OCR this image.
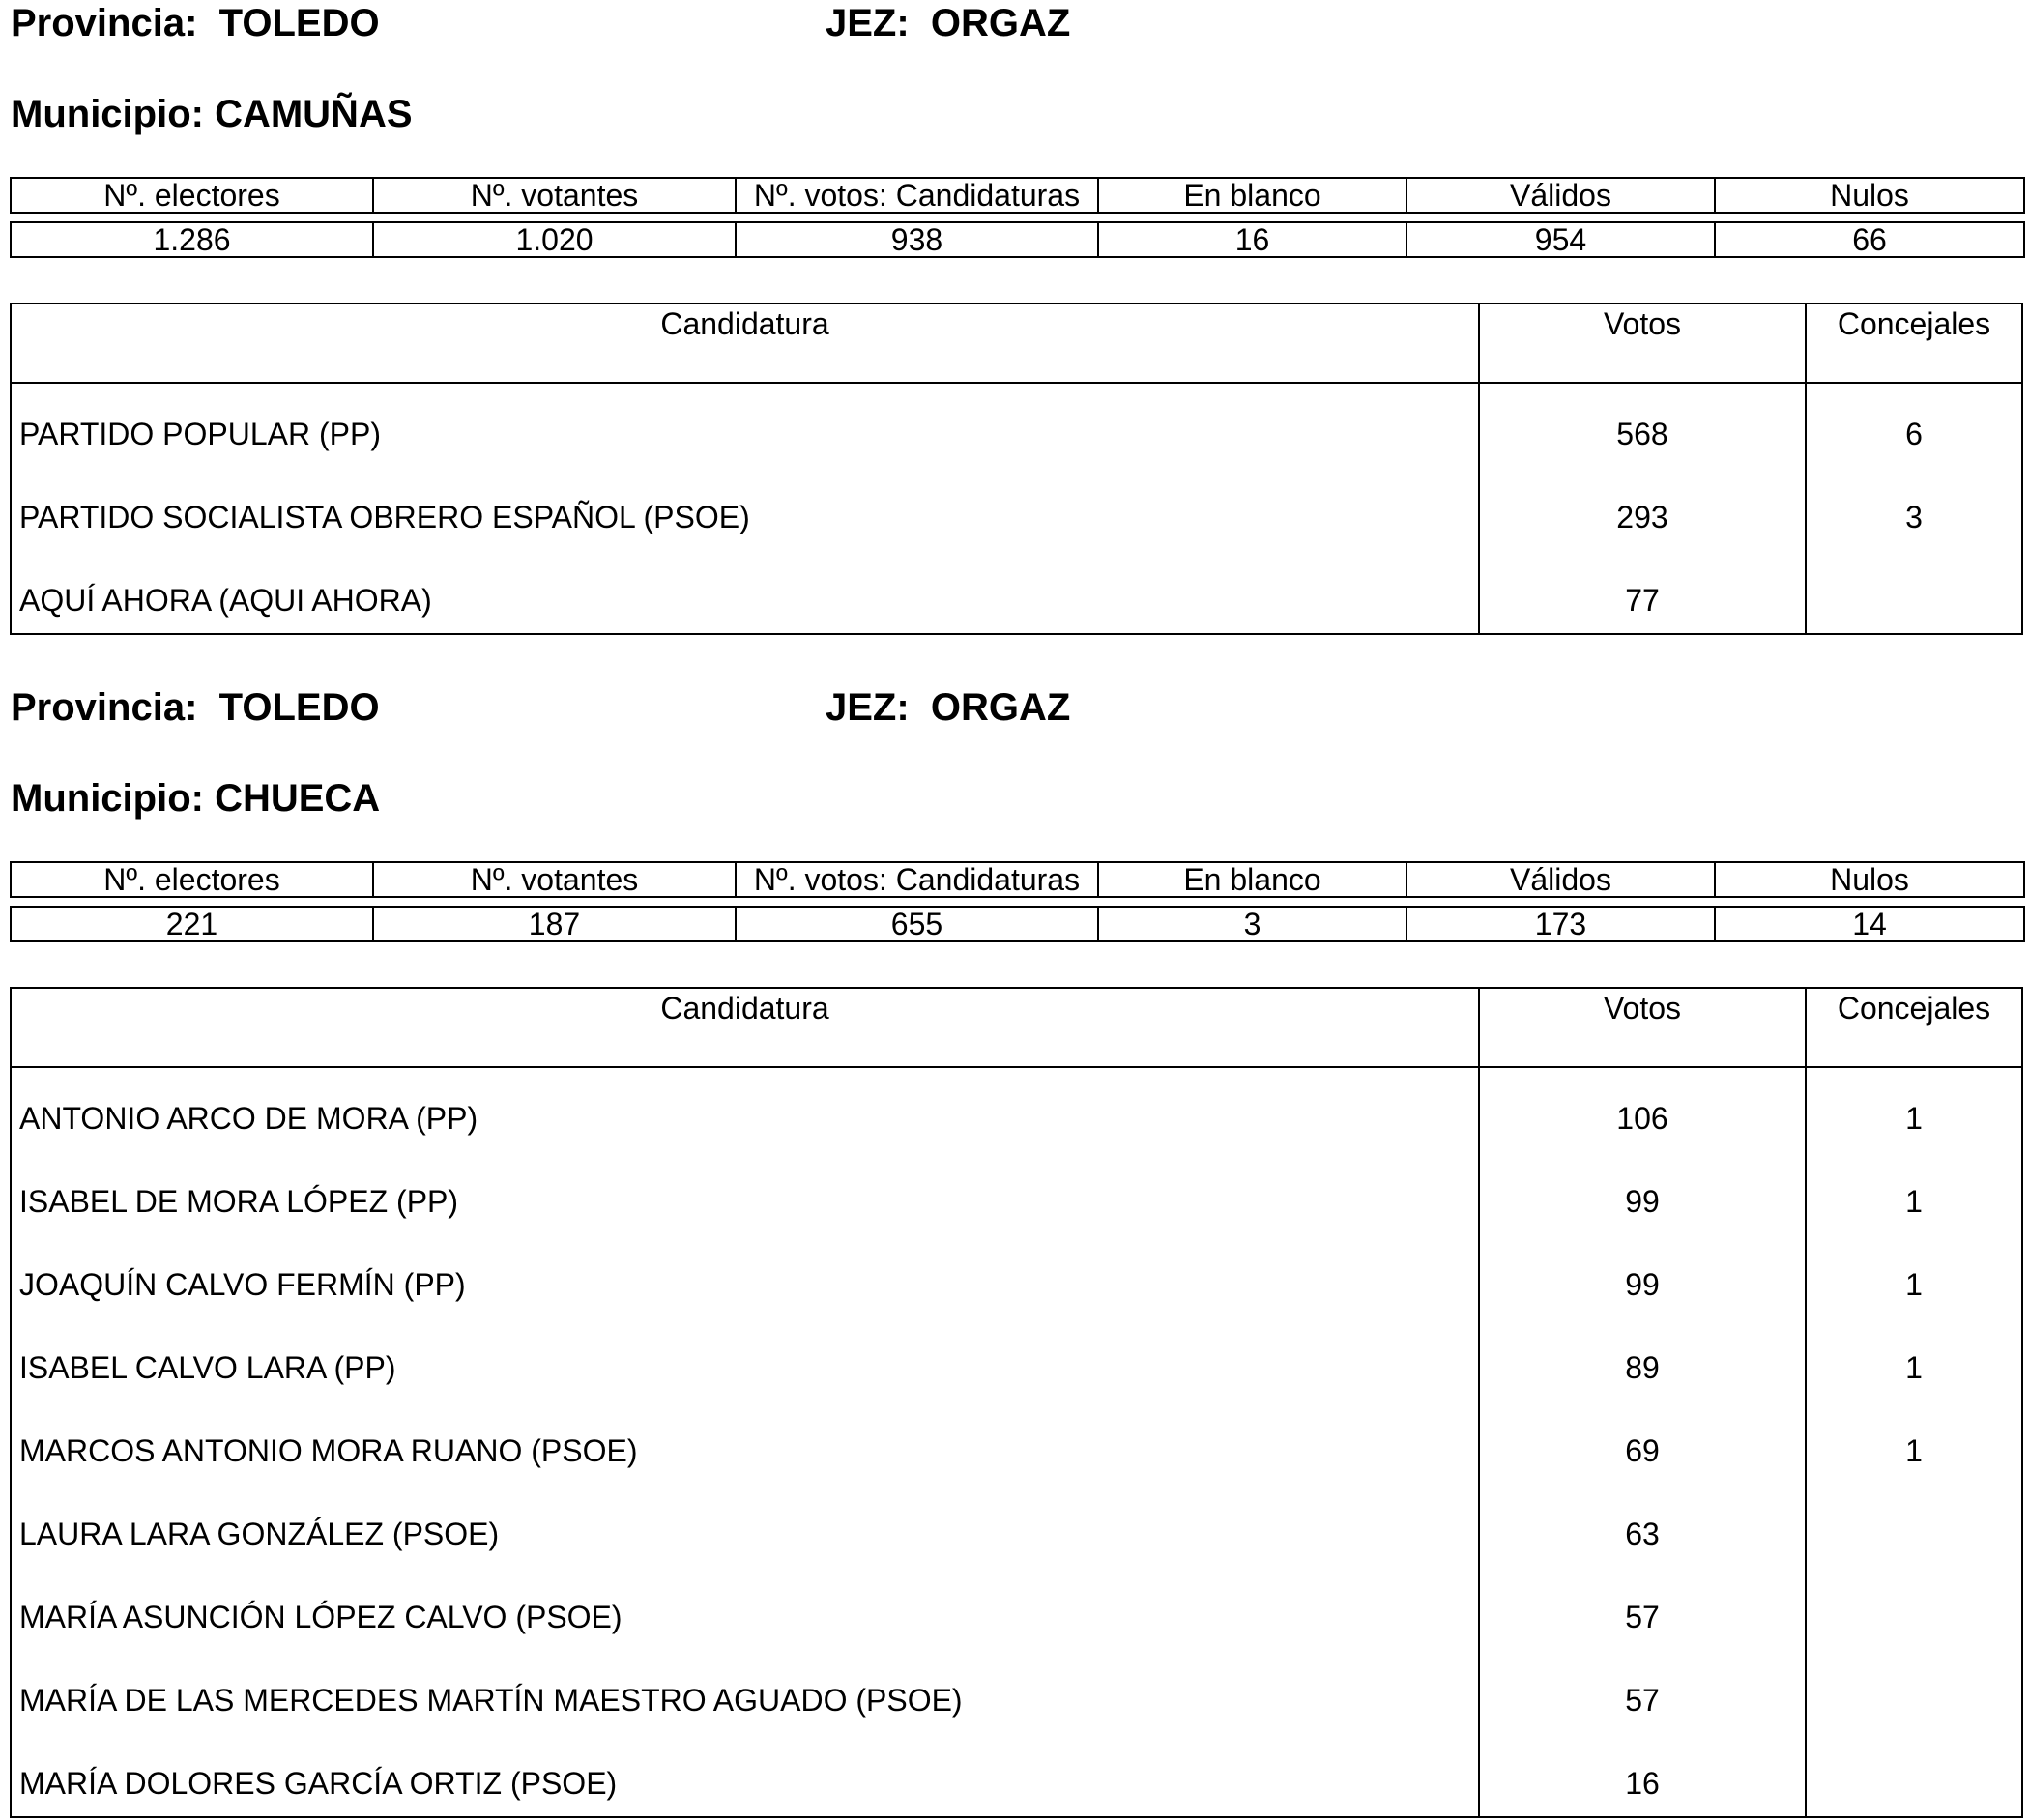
Provincia:  TOLEDO	JEZ:  ORGAZ
Municipio: CAMUÑAS
Nº. electores	Nº. votantes	Nº. votos: Candidaturas	En blanco	Válidos	Nulos

1.286	1.020	938	16	954	66
Candidatura	Votos	Concejales
PARTIDO POPULAR (PP)	568	6
PARTIDO SOCIALISTA OBRERO ESPAÑOL (PSOE)	293	3
AQUÍ AHORA (AQUI AHORA)	77
Provincia:  TOLEDO	JEZ:  ORGAZ
Municipio: CHUECA
Nº. electores	Nº. votantes	Nº. votos: Candidaturas	En blanco	Válidos	Nulos

221	187	655	3	173	14
Candidatura	Votos	Concejales
ANTONIO ARCO DE MORA (PP)	106	1
ISABEL DE MORA LÓPEZ (PP)	99	1
JOAQUÍN CALVO FERMÍN (PP)	99	1
ISABEL CALVO LARA (PP)	89	1
MARCOS ANTONIO MORA RUANO (PSOE)	69	1
LAURA LARA GONZÁLEZ (PSOE)	63
MARÍA ASUNCIÓN LÓPEZ CALVO (PSOE)	57
MARÍA DE LAS MERCEDES MARTÍN MAESTRO AGUADO (PSOE)	57
MARÍA DOLORES GARCÍA ORTIZ (PSOE)	16
